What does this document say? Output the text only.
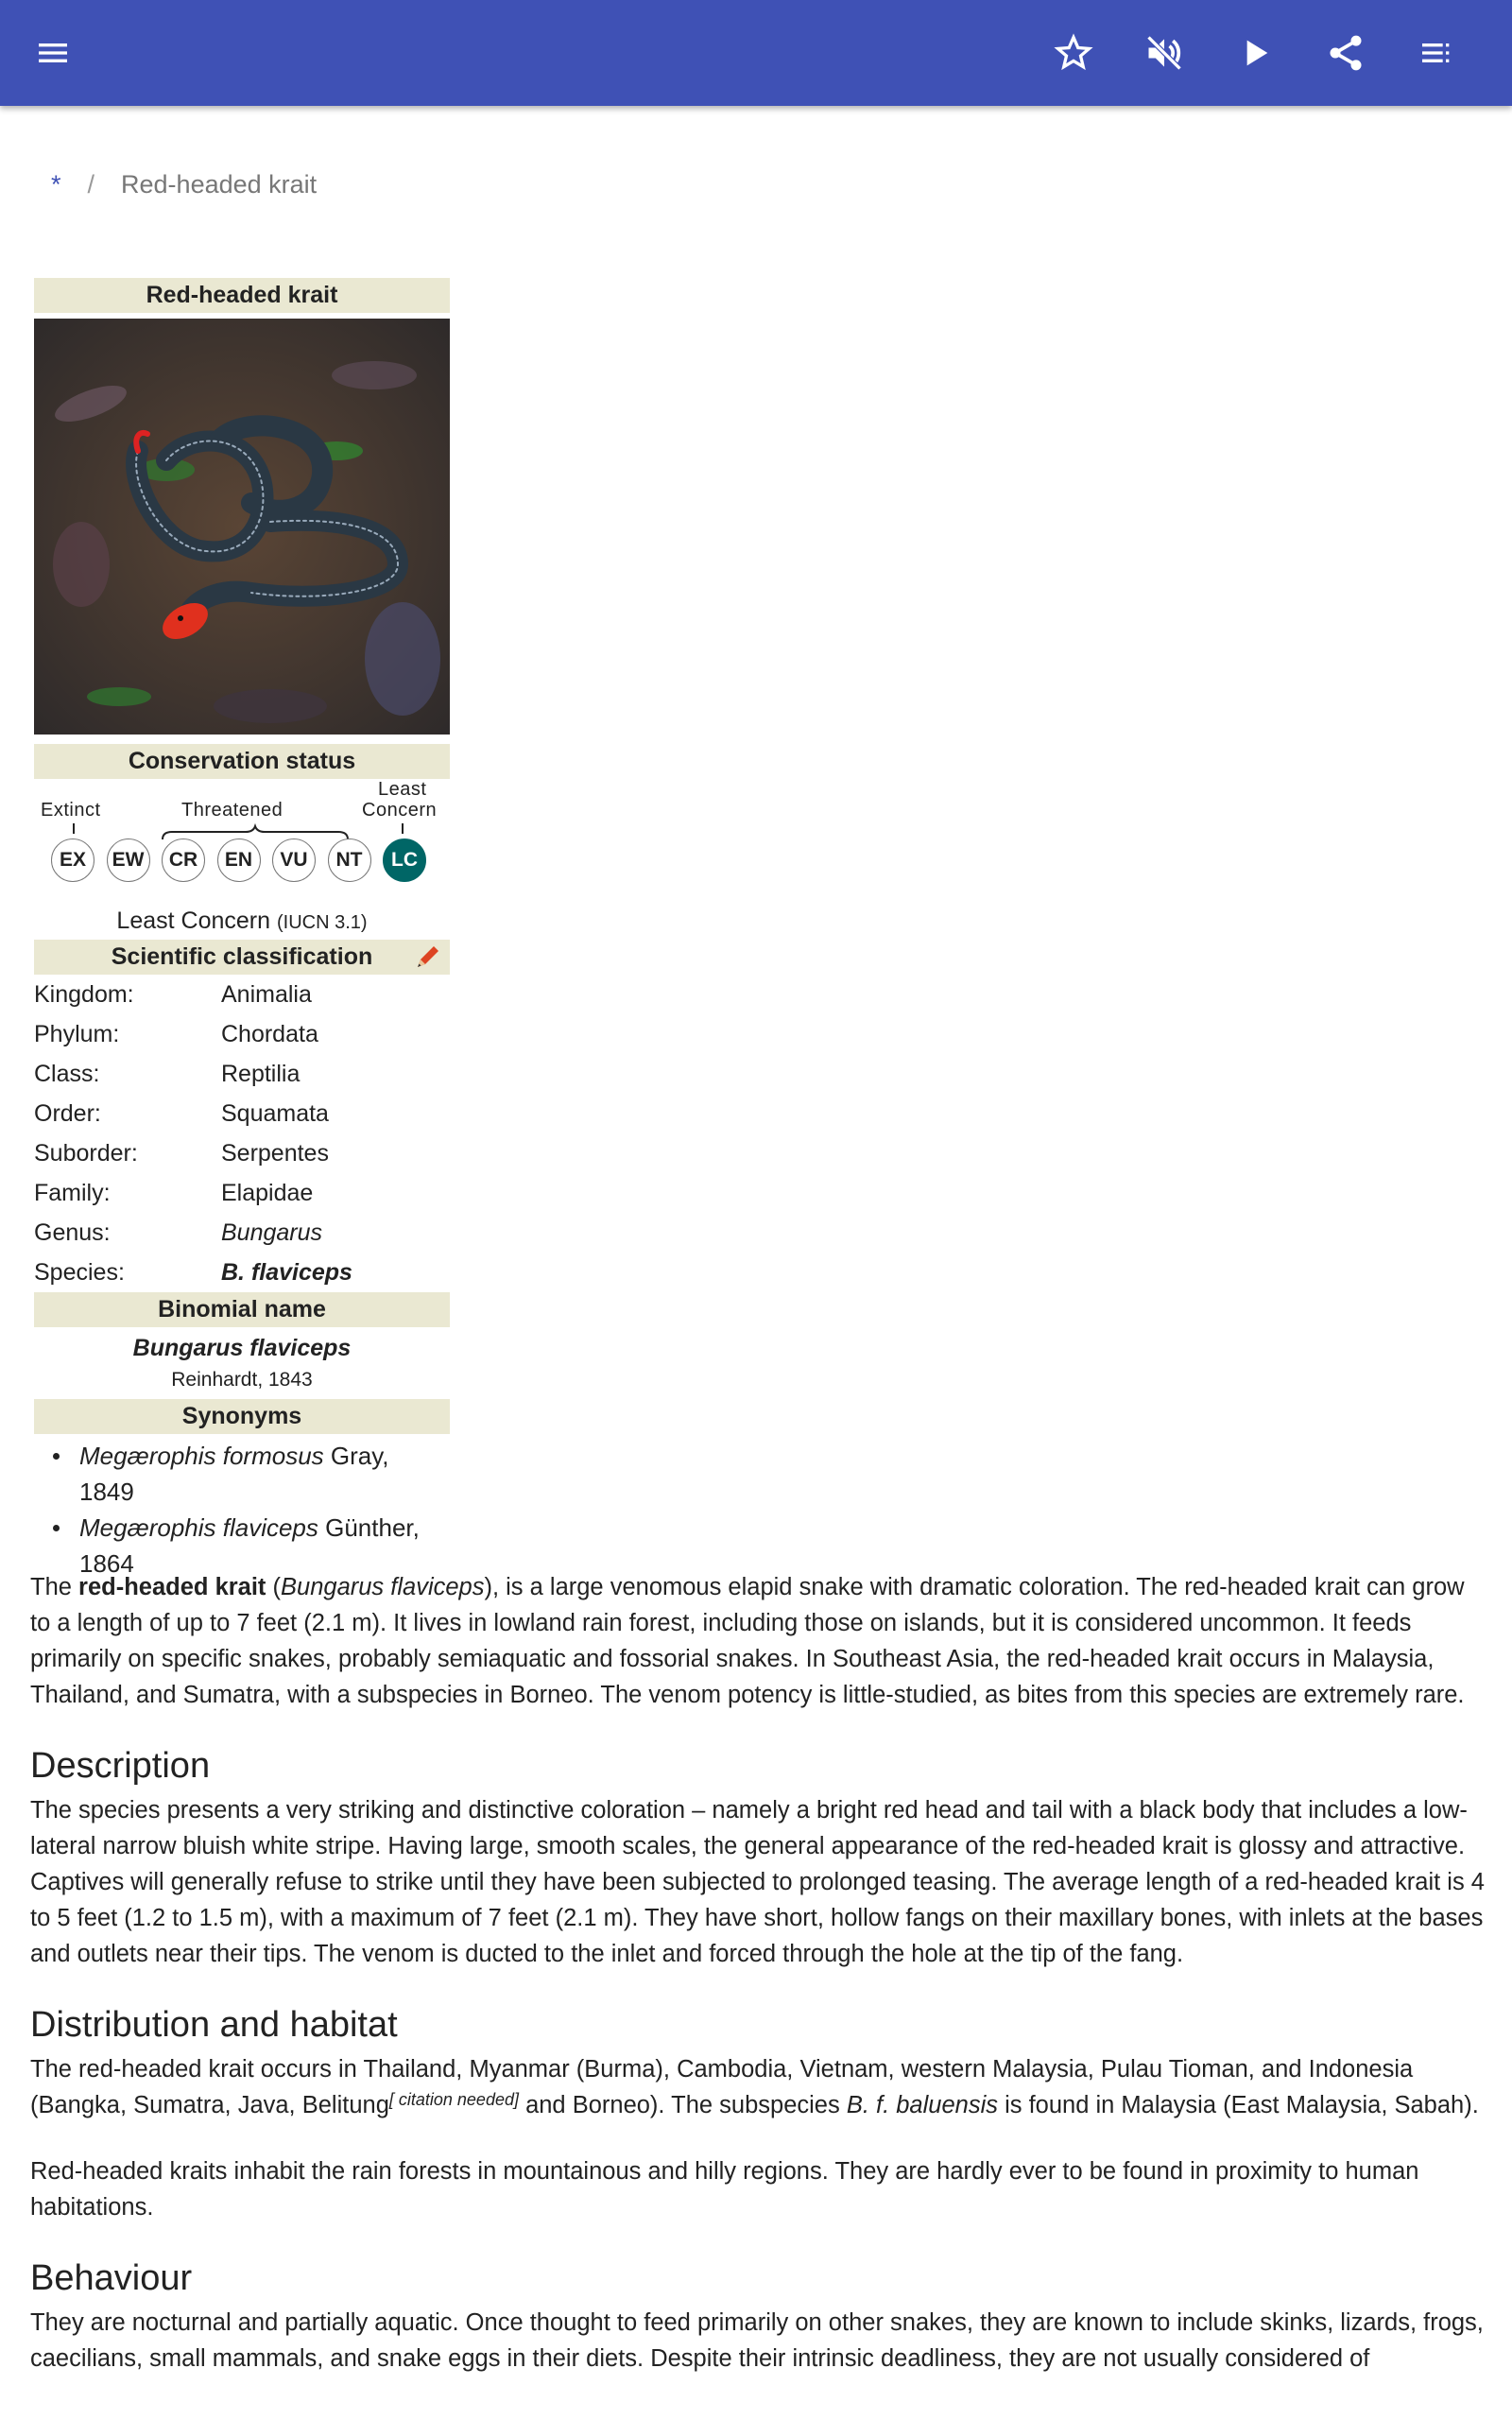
* / Red-headed krait
Red-headed krait
Conservation status
Extinct	Threatened
Least
Concern
EX	EW	CR	EN	VU	NT	LC
Least Concern (IUCN 3.1)
Scientific classification
Kingdom:	Animalia
Phylum:	Chordata
Class:	Reptilia
Order:	Squamata
Suborder:	Serpentes
Family:	Elapidae
Genus:	Bungarus
Species:	B. flaviceps
Binomial name
Bungarus flaviceps
Reinhardt, 1843
Synonyms
Megærophis formosus Gray, 1849
Megærophis flaviceps Günther, 1864

The red-headed krait (Bungarus flaviceps), is a large venomous elapid snake with dramatic coloration. The red-headed krait can grow to a length of up to 7 feet (2.1 m). It lives in lowland rain forest, including those on islands, but it is considered uncommon. It feeds primarily on specific snakes, probably semiaquatic and fossorial snakes. In Southeast Asia, the red-headed krait occurs in Malaysia, Thailand, and Sumatra, with a subspecies in Borneo. The venom potency is little-studied, as bites from this species are extremely rare.

Description

The species presents a very striking and distinctive coloration – namely a bright red head and tail with a black body that includes a low-lateral narrow bluish white stripe. Having large, smooth scales, the general appearance of the red-headed krait is glossy and attractive. Captives will generally refuse to strike until they have been subjected to prolonged teasing. The average length of a red-headed krait is 4 to 5 feet (1.2 to 1.5 m), with a maximum of 7 feet (2.1 m). They have short, hollow fangs on their maxillary bones, with inlets at the bases and outlets near their tips. The venom is ducted to the inlet and forced through the hole at the tip of the fang.

Distribution and habitat

The red-headed krait occurs in Thailand, Myanmar (Burma), Cambodia, Vietnam, western Malaysia, Pulau Tioman, and Indonesia (Bangka, Sumatra, Java, Belitung[ citation needed] and Borneo). The subspecies B. f. baluensis is found in Malaysia (East Malaysia, Sabah).

Red-headed kraits inhabit the rain forests in mountainous and hilly regions. They are hardly ever to be found in proximity to human habitations.

Behaviour

They are nocturnal and partially aquatic. Once thought to feed primarily on other snakes, they are known to include skinks, lizards, frogs, caecilians, small mammals, and snake eggs in their diets. Despite their intrinsic deadliness, they are not usually considered of
